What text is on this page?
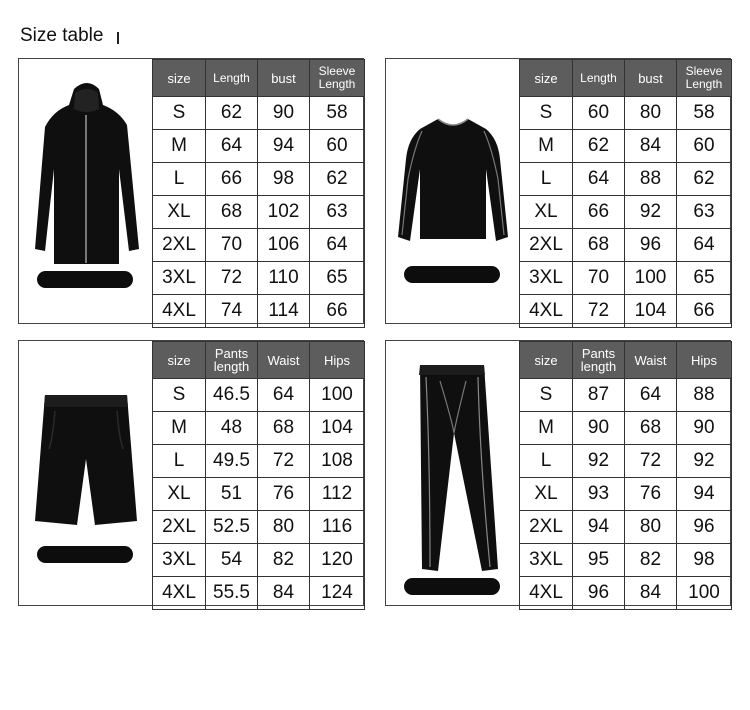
Size table
size	Length	bust	Sleeve Length
S	62	90	58
M	64	94	60
L	66	98	62
XL	68	102	63
2XL	70	106	64
3XL	72	110	65
4XL	74	114	66
size	Length	bust	Sleeve Length
S	60	80	58
M	62	84	60
L	64	88	62
XL	66	92	63
2XL	68	96	64
3XL	70	100	65
4XL	72	104	66
size	Pants length	Waist	Hips
S	46.5	64	100
M	48	68	104
L	49.5	72	108
XL	51	76	112
2XL	52.5	80	116
3XL	54	82	120
4XL	55.5	84	124
size	Pants length	Waist	Hips
S	87	64	88
M	90	68	90
L	92	72	92
XL	93	76	94
2XL	94	80	96
3XL	95	82	98
4XL	96	84	100
